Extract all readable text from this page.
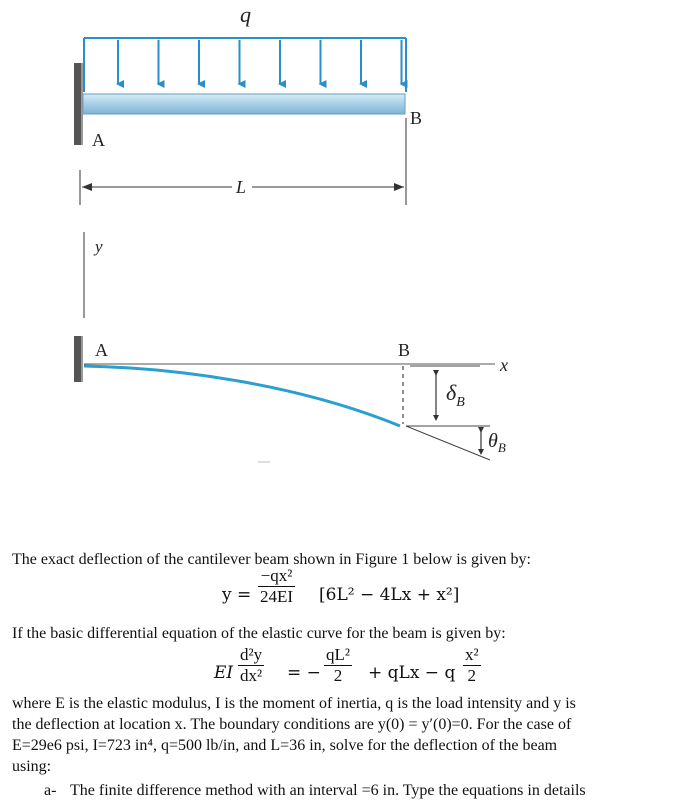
q
A
B
L
y
A	B
x
$\delta_B$
$\theta_B$
The exact deflection of the cantilever beam shown in Figure 1 below is given by:
$y = \frac{\text{−qx²}}{24EI} [6L^2 - 4Lx + x^2]$
If the basic differential equation of the elastic curve for the beam is given by:
EI $\frac{\text{d²y}}{\text{dx²}}$ = − $\frac{\text{qL²}}{2}$ + qLx − q $\frac{\text{x²}}{2}$
where E is the elastic modulus, I is the moment of inertia, q is the load intensity and y is
the deflection at location x. The boundary conditions are y(0) = y′(0)=0. For the case of
E=29e6 psi, I=723 in⁴, q=500 lb/in, and L=36 in, solve for the deflection of the beam
using:
a- The finite difference method with an interval =6 in. Type the equations in details
